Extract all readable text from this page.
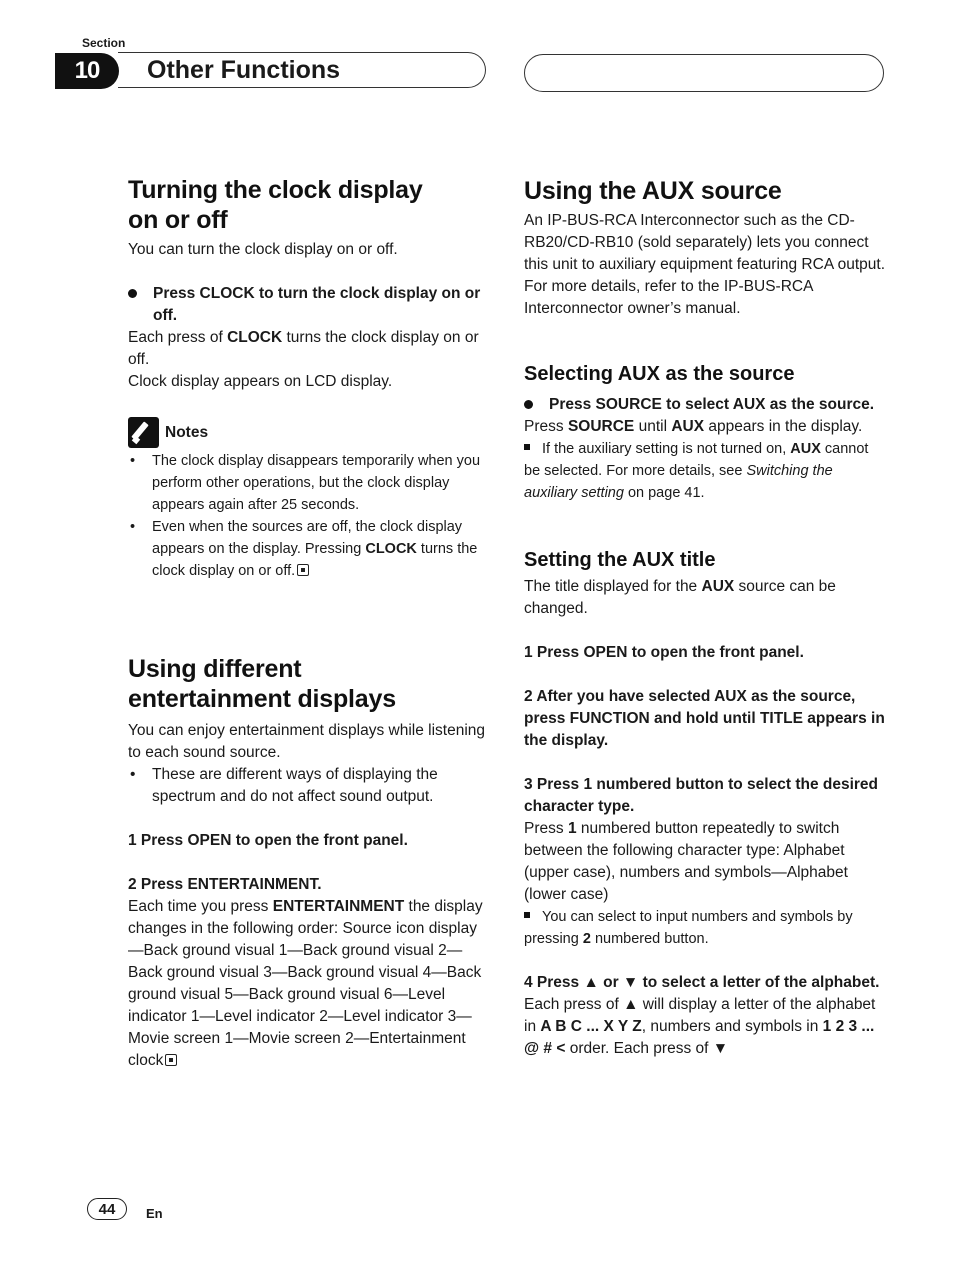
Section
10	Other Functions
Turning the clock display
on or off

You can turn the clock display on or off.

Press CLOCK to turn the clock display on or off.

Each press of CLOCK turns the clock display on or off.

Clock display appears on LCD display.

Notes
• The clock display disappears temporarily when you perform other operations, but the clock display appears again after 25 seconds.
• Even when the sources are off, the clock display appears on the display. Pressing CLOCK turns the clock display on or off.
Using different
entertainment displays

You can enjoy entertainment displays while listening to each sound source.

• These are different ways of displaying the spectrum and do not affect sound output.
1 Press OPEN to open the front panel.
2 Press ENTERTAINMENT.

Each time you press ENTERTAINMENT the display changes in the following order: Source icon display—Back ground visual 1—Back ground visual 2—Back ground visual 3—Back ground visual 4—Back ground visual 5—Back ground visual 6—Level indicator 1—Level indicator 2—Level indicator 3—Movie screen 1—Movie screen 2—Entertainment clock

Using the AUX source

An IP-BUS-RCA Interconnector such as the CD-RB20/CD-RB10 (sold separately) lets you connect this unit to auxiliary equipment featuring RCA output. For more details, refer to the IP-BUS-RCA Interconnector owner’s manual.

Selecting AUX as the source
Press SOURCE to select AUX as the source.

Press SOURCE until AUX appears in the display.

If the auxiliary setting is not turned on, AUX cannot be selected. For more details, see Switching the auxiliary setting on page 41.

Setting the AUX title

The title displayed for the AUX source can be changed.

1 Press OPEN to open the front panel.
2 After you have selected AUX as the source, press FUNCTION and hold until TITLE appears in the display.
3 Press 1 numbered button to select the desired character type.

Press 1 numbered button repeatedly to switch between the following character type: Alphabet (upper case), numbers and symbols—Alphabet (lower case)

You can select to input numbers and symbols by pressing 2 numbered button.

4 Press ▲ or ▼ to select a letter of the alphabet.

Each press of ▲ will display a letter of the alphabet in A B C ... X Y Z, numbers and symbols in 1 2 3 ... @ # < order. Each press of ▼

44	En
